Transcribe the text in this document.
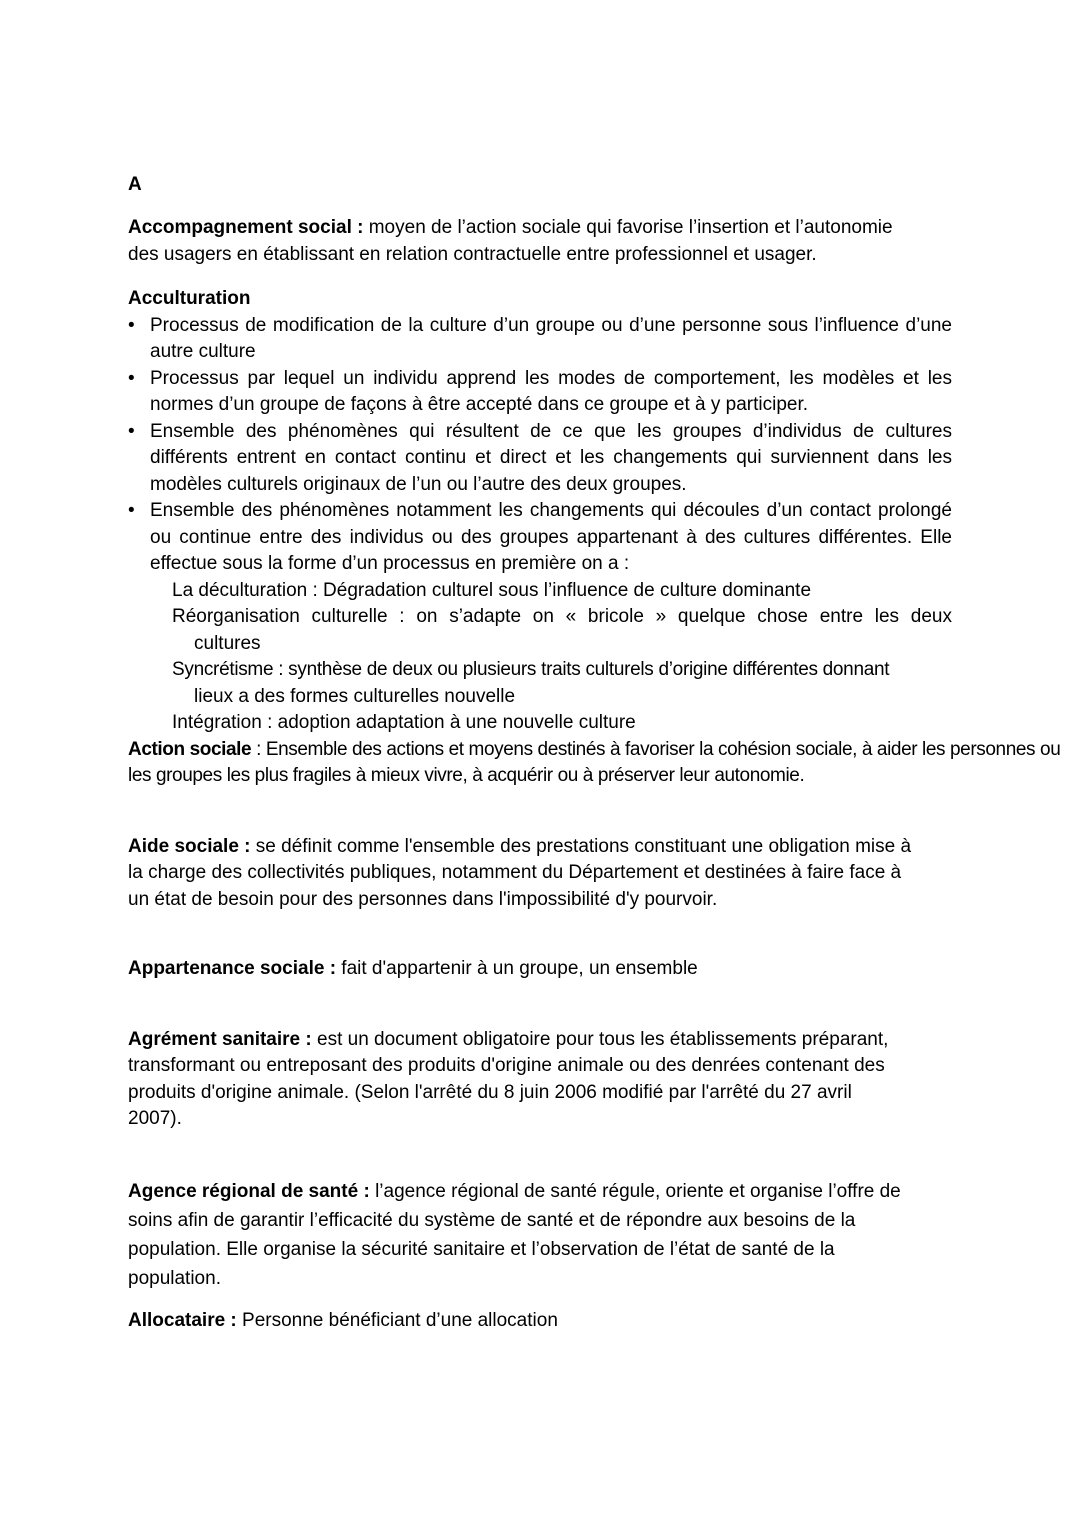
A
Accompagnement social : moyen de l’action sociale qui favorise l’insertion et l’autonomie
des usagers en établissant en relation contractuelle entre professionnel et usager.
Acculturation
• Processus de modification de la culture d’un groupe ou d’une personne sous l’influence d’une autre culture
• Processus par lequel un individu apprend les modes de comportement, les modèles et les normes d’un groupe de façons à être accepté dans ce groupe et à y participer.
• Ensemble des phénomènes qui résultent de ce que les groupes d’individus de cultures différents entrent en contact continu et direct et les changements qui surviennent dans les modèles culturels originaux de l’un ou l’autre des deux groupes.
• Ensemble des phénomènes notamment les changements qui découles d’un contact prolongé ou continue entre des individus ou des groupes appartenant à des cultures différentes. Elle effectue sous la forme d’un processus en première on a :
La déculturation : Dégradation culturel sous l’influence de culture dominante
Réorganisation culturelle : on s’adapte on « bricole » quelque chose entre les deux
cultures
Syncrétisme : synthèse de deux ou plusieurs traits culturels d’origine différentes donnant
lieux a des formes culturelles nouvelle
Intégration : adoption adaptation à une nouvelle culture
Action sociale : Ensemble des actions et moyens destinés à favoriser la cohésion sociale, à aider les personnes ou
les groupes les plus fragiles à mieux vivre, à acquérir ou à préserver leur autonomie.
Aide sociale : se définit comme l'ensemble des prestations constituant une obligation mise à
la charge des collectivités publiques, notamment du Département et destinées à faire face à
un état de besoin pour des personnes dans l'impossibilité d'y pourvoir.
Appartenance sociale : fait d'appartenir à un groupe, un ensemble
Agrément sanitaire : est un document obligatoire pour tous les établissements préparant,
transformant ou entreposant des produits d'origine animale ou des denrées contenant des
produits d'origine animale. (Selon l'arrêté du 8 juin 2006 modifié par l'arrêté du 27 avril
2007).
Agence régional de santé : l’agence régional de santé régule, oriente et organise l’offre de
soins afin de garantir l’efficacité du système de santé et de répondre aux besoins de la
population. Elle organise la sécurité sanitaire et l’observation de l’état de santé de la
population.
Allocataire : Personne bénéficiant d’une allocation
